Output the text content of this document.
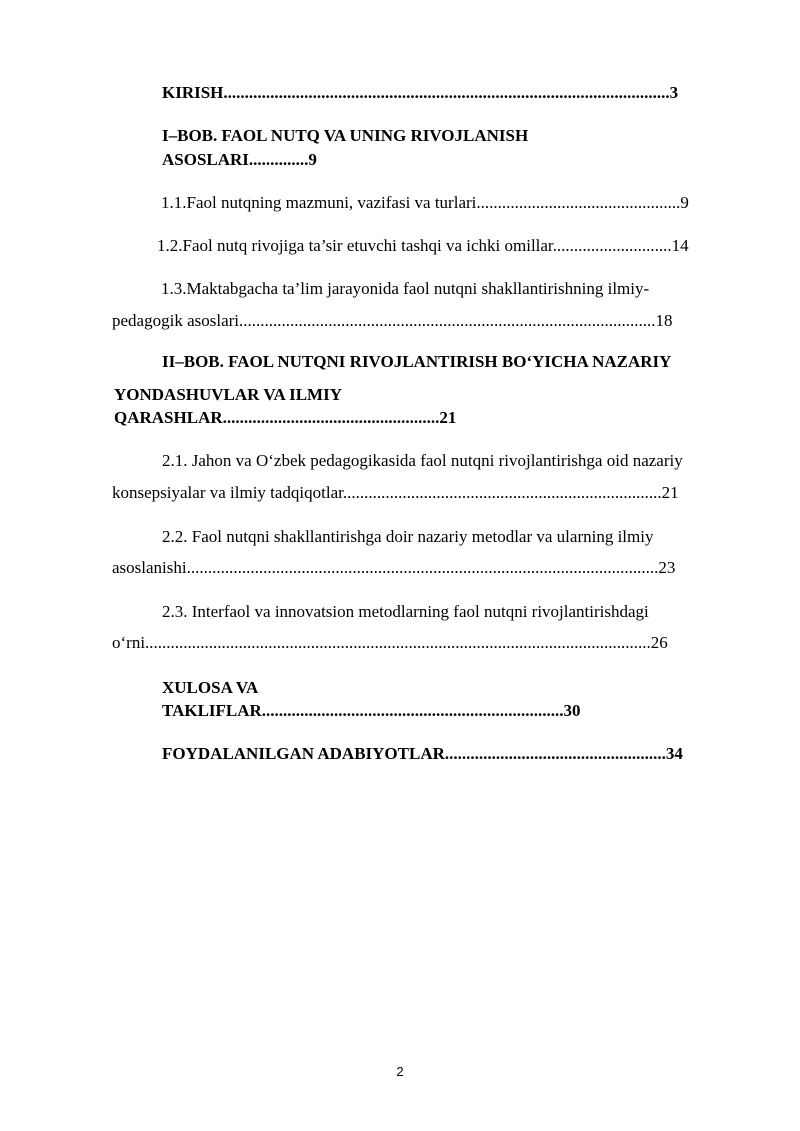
KIRISH.........................................................................................................3

I–BOB. FAOL NUTQ VA UNING RIVOJLANISH

ASOSLARI..............9

1.1.Faol nutqning mazmuni, vazifasi va turlari................................................9

1.2.Faol nutq rivojiga ta’sir etuvchi tashqi va ichki omillar............................14

1.3.Maktabgacha ta’lim jarayonida faol nutqni shakllantirishning ilmiy-

pedagogik asoslari..................................................................................................18

II–BOB. FAOL NUTQNI RIVOJLANTIRISH BO‘YICHA NAZARIY

YONDASHUVLAR VA ILMIY

QARASHLAR...................................................21

2.1. Jahon va O‘zbek pedagogikasida faol nutqni rivojlantirishga oid nazariy

konsepsiyalar va ilmiy tadqiqotlar...........................................................................21

2.2. Faol nutqni shakllantirishga doir nazariy metodlar va ularning ilmiy

asoslanishi...............................................................................................................23

2.3. Interfaol va innovatsion metodlarning faol nutqni rivojlantirishdagi

o‘rni.......................................................................................................................26

XULOSA VA

TAKLIFLAR.......................................................................30

FOYDALANILGAN ADABIYOTLAR....................................................34

2
